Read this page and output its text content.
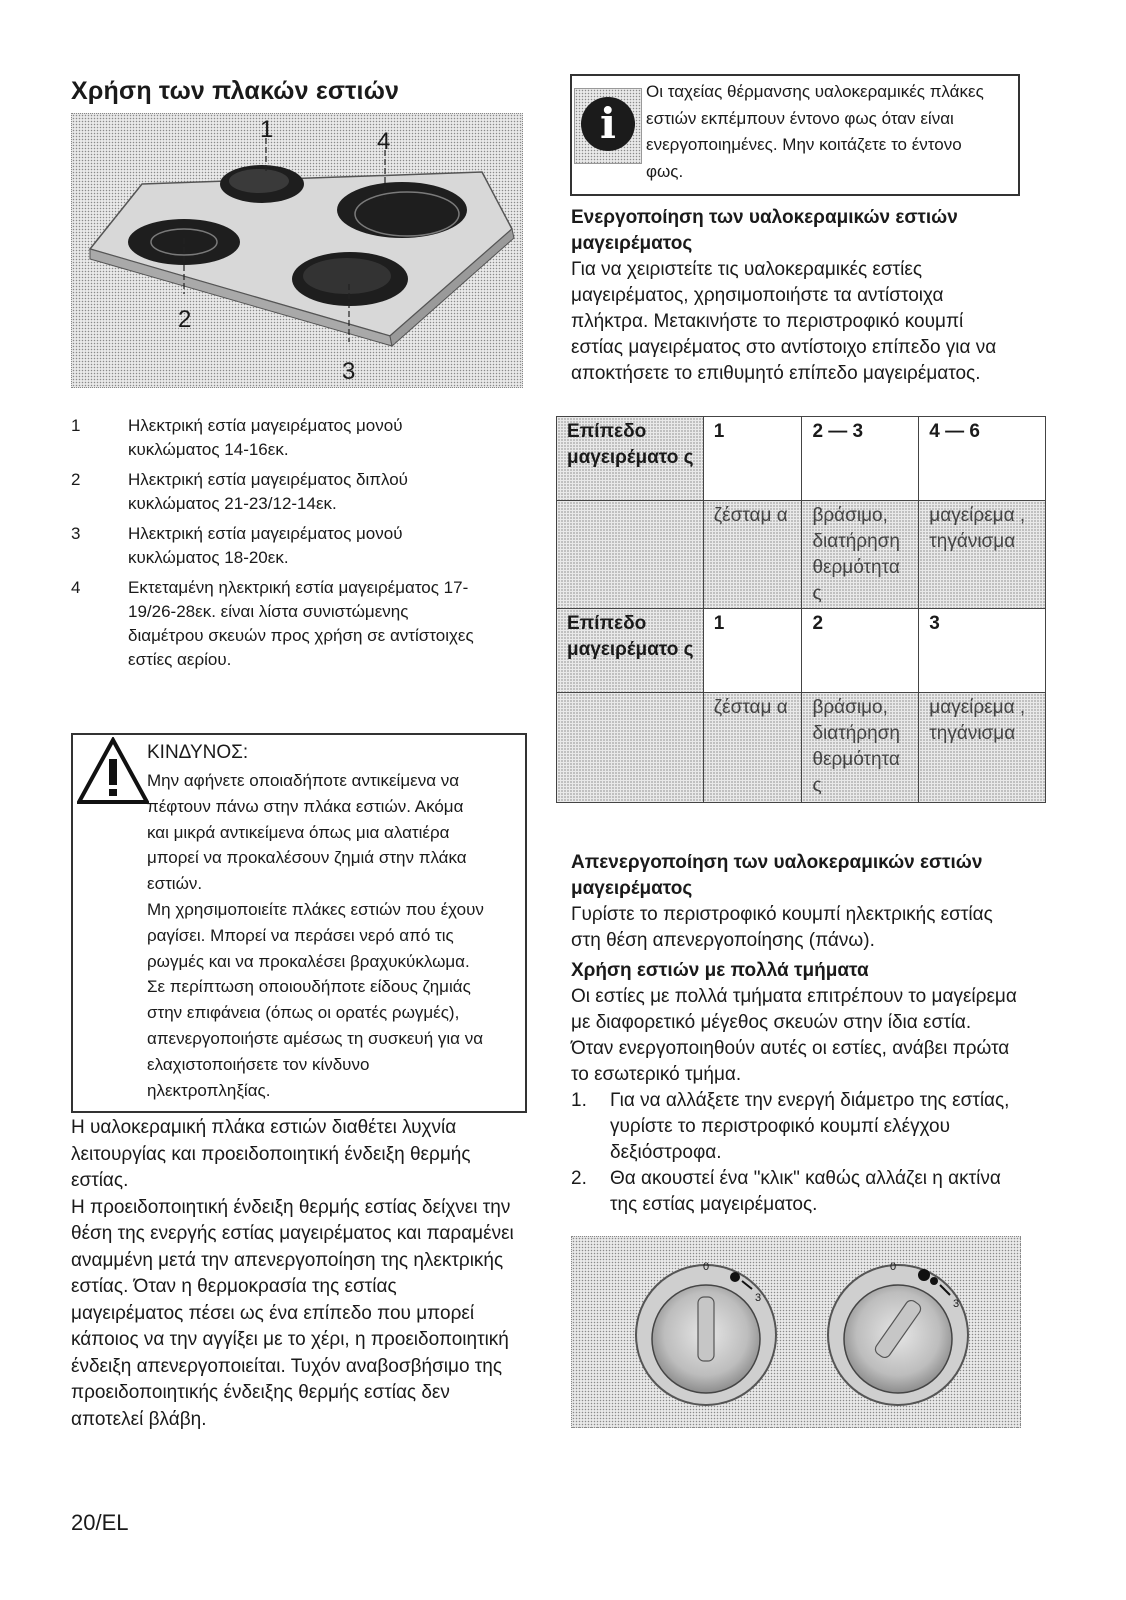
Χρήση των πλακών εστιών
1	4
2
3
1	Ηλεκτρική εστία μαγειρέματος μονού
κυκλώματος 14-16εκ.
2	Ηλεκτρική εστία μαγειρέματος διπλού
κυκλώματος 21-23/12-14εκ.
3	Ηλεκτρική εστία μαγειρέματος μονού
κυκλώματος 18-20εκ.
4	Εκτεταμένη ηλεκτρική εστία μαγειρέματος 17-
19/26-28εκ. είναι λίστα συνιστώμενης
διαμέτρου σκευών προς χρήση σε αντίστοιχες
εστίες αερίου.
ΚΙΝΔΥΝΟΣ:
Μην αφήνετε οποιαδήποτε αντικείμενα να
πέφτουν πάνω στην πλάκα εστιών. Ακόμα
και μικρά αντικείμενα όπως μια αλατιέρα
μπορεί να προκαλέσουν ζημιά στην πλάκα
εστιών.
Μη χρησιμοποιείτε πλάκες εστιών που έχουν
ραγίσει. Μπορεί να περάσει νερό από τις
ρωγμές και να προκαλέσει βραχυκύκλωμα.
Σε περίπτωση οποιουδήποτε είδους ζημιάς
στην επιφάνεια (όπως οι ορατές ρωγμές),
απενεργοποιήστε αμέσως τη συσκευή για να
ελαχιστοποιήσετε τον κίνδυνο
ηλεκτροπληξίας.
Η υαλοκεραμική πλάκα εστιών διαθέτει λυχνία
λειτουργίας και προειδοποιητική ένδειξη θερμής
εστίας.
Η προειδοποιητική ένδειξη θερμής εστίας δείχνει την
θέση της ενεργής εστίας μαγειρέματος και παραμένει
αναμμένη μετά την απενεργοποίηση της ηλεκτρικής
εστίας. Όταν η θερμοκρασία της εστίας
μαγειρέματος πέσει ως ένα επίπεδο που μπορεί
κάποιος να την αγγίξει με το χέρι, η προειδοποιητική
ένδειξη απενεργοποιείται. Τυχόν αναβοσβήσιμο της
προειδοποιητικής ένδειξης θερμής εστίας δεν
αποτελεί βλάβη.
20/EL
i
Οι ταχείας θέρμανσης υαλοκεραμικές πλάκες
εστιών εκπέμπουν έντονο φως όταν είναι
ενεργοποιημένες. Μην κοιτάζετε το έντονο
φως.
Ενεργοποίηση των υαλοκεραμικών εστιών
μαγειρέματος
Για να χειριστείτε τις υαλοκεραμικές εστίες
μαγειρέματος, χρησιμοποιήστε τα αντίστοιχα
πλήκτρα. Μετακινήστε το περιστροφικό κουμπί
εστίας μαγειρέματος στο αντίστοιχο επίπεδο για να
αποκτήσετε το επιθυμητό επίπεδο μαγειρέματος.
Επίπεδο μαγειρέματο ς	1	2 — 3	4 — 6
	ζέσταμ α	βράσιμο, διατήρηση θερμότητα ς	μαγείρεμα , τηγάνισμα
Επίπεδο μαγειρέματο ς	1	2	3
	ζέσταμ α	βράσιμο, διατήρηση θερμότητα ς	μαγείρεμα , τηγάνισμα
Απενεργοποίηση των υαλοκεραμικών εστιών
μαγειρέματος
Γυρίστε το περιστροφικό κουμπί ηλεκτρικής εστίας
στη θέση απενεργοποίησης (πάνω).
Χρήση εστιών με πολλά τμήματα
Οι εστίες με πολλά τμήματα επιτρέπουν το μαγείρεμα
με διαφορετικό μέγεθος σκευών στην ίδια εστία.
Όταν ενεργοποιηθούν αυτές οι εστίες, ανάβει πρώτα
το εσωτερικό τμήμα.
1.	Για να αλλάξετε την ενεργή διάμετρο της εστίας,
γυρίστε το περιστροφικό κουμπί ελέγχου
δεξιόστροφα.
2.	Θα ακουστεί ένα "κλικ" καθώς αλλάζει η ακτίνα
της εστίας μαγειρέματος.
0
3
0
3
